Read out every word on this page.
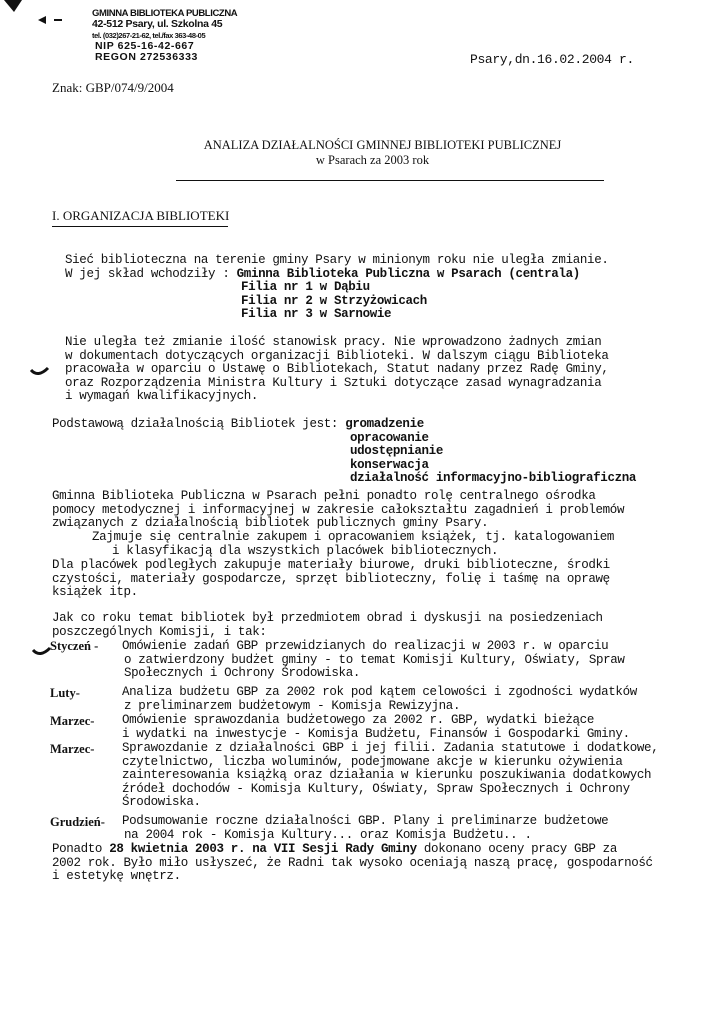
GMINNA BIBLIOTEKA PUBLICZNA
42-512 Psary, ul. Szkolna 45
tel. (032)267-21-62, tel./fax 363-48-05
NIP 625-16-42-667
REGON 272536333	Psary,dn.16.02.2004 r.
Znak: GBP/074/9/2004
ANALIZA DZIAŁALNOŚCI GMINNEJ BIBLIOTEKI PUBLICZNEJ
w Psarach za 2003 rok
I. ORGANIZACJA BIBLIOTEKI
Sieć biblioteczna na terenie gminy Psary w minionym roku nie uległa zmianie.
W jej skład wchodziły : Gminna Biblioteka Publiczna w Psarach (centrala)
Filia nr 1 w Dąbiu
Filia nr 2 w Strzyżowicach
Filia nr 3 w Sarnowie
Nie uległa też zmianie ilość stanowisk pracy. Nie wprowadzono żadnych zmian
w dokumentach dotyczących organizacji Biblioteki. W dalszym ciągu Biblioteka
pracowała w oparciu o Ustawę o Bibliotekach, Statut nadany przez Radę Gminy,
oraz Rozporządzenia Ministra Kultury i Sztuki dotyczące zasad wynagradzania
i wymagań kwalifikacyjnych.
Podstawową działalnością Bibliotek jest: gromadzenie
opracowanie
udostępnianie
konserwacja
działalność informacyjno-bibliograficzna
Gminna Biblioteka Publiczna w Psarach pełni ponadto rolę centralnego ośrodka
pomocy metodycznej i informacyjnej w zakresie całokształtu zagadnień i problemów
związanych z działalnością bibliotek publicznych gminy Psary.
Zajmuje się centralnie zakupem i opracowaniem książek, tj. katalogowaniem
i klasyfikacją dla wszystkich placówek bibliotecznych.
Dla placówek podległych zakupuje materiały biurowe, druki biblioteczne, środki
czystości, materiały gospodarcze, sprzęt biblioteczny, folię i taśmę na oprawę
książek itp.
Jak co roku temat bibliotek był przedmiotem obrad i dyskusji na posiedzeniach
poszczególnych Komisji, i tak:
Styczeń - Omówienie zadań GBP przewidzianych do realizacji w 2003 r. w oparciu
o zatwierdzony budżet gminy - to temat Komisji Kultury, Oświaty, Spraw
Społecznych i Ochrony Środowiska.
Luty-	Analiza budżetu GBP za 2002 rok pod kątem celowości i zgodności wydatków
z preliminarzem budżetowym - Komisja Rewizyjna.
Marzec- Omówienie sprawozdania budżetowego za 2002 r. GBP, wydatki bieżące
i wydatki na inwestycje - Komisja Budżetu, Finansów i Gospodarki Gminy.
Marzec- Sprawozdanie z działalności GBP i jej filii. Zadania statutowe i dodatkowe,
czytelnictwo, liczba woluminów, podejmowane akcje w kierunku ożywienia
zainteresowania książką oraz działania w kierunku poszukiwania dodatkowych
źródeł dochodów - Komisja Kultury, Oświaty, Spraw Społecznych i Ochrony
Środowiska.
Grudzień- Podsumowanie roczne działalności GBP. Plany i preliminarze budżetowe
na 2004 rok - Komisja Kultury... oraz Komisja Budżetu.. .
Ponadto 28 kwietnia 2003 r. na VII Sesji Rady Gminy dokonano oceny pracy GBP za
2002 rok. Było miło usłyszeć, że Radni tak wysoko oceniają naszą pracę, gospodarność
i estetykę wnętrz.
